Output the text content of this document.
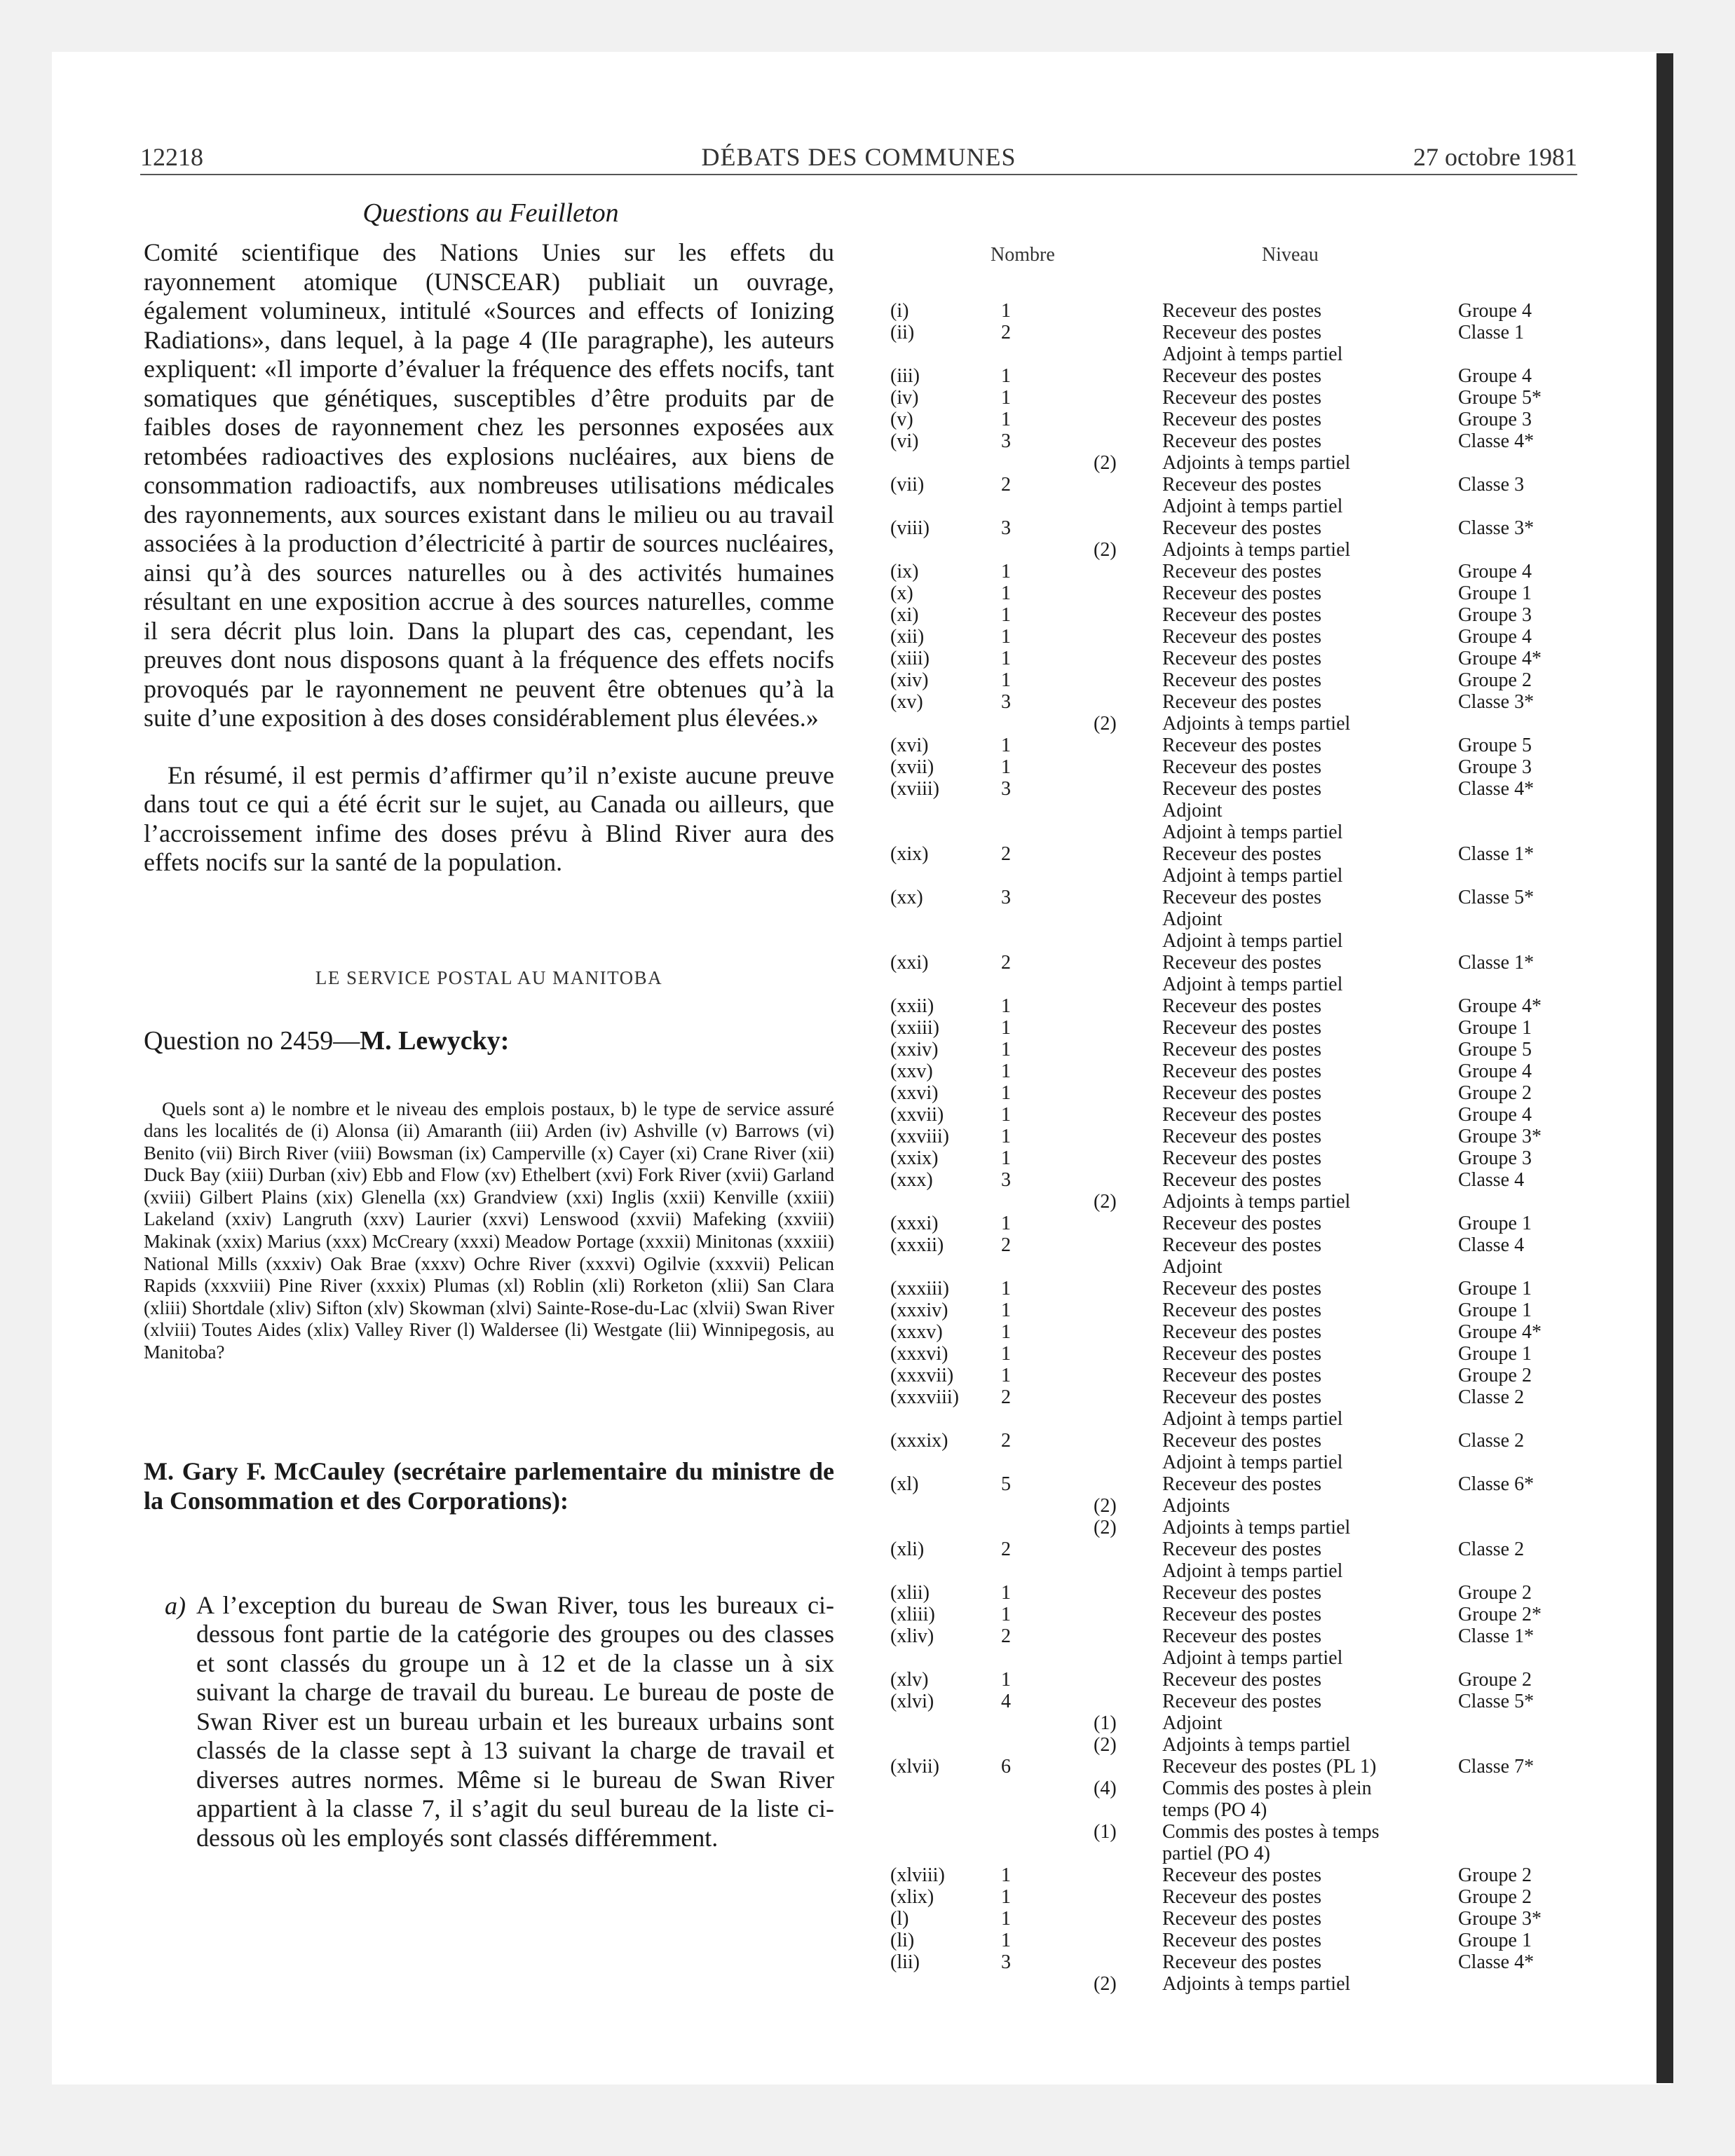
12218	DÉBATS DES COMMUNES	27 octobre 1981
Questions au Feuilleton

Comité scientifique des Nations Unies sur les effets du rayonnement atomique (UNSCEAR) publiait un ouvrage, également volumineux, intitulé «Sources and effects of Ionizing Radiations», dans lequel, à la page 4 (IIe paragraphe), les auteurs expliquent: «Il importe d’évaluer la fréquence des effets nocifs, tant somatiques que génétiques, susceptibles d’être produits par de faibles doses de rayonnement chez les personnes exposées aux retombées radioactives des explosions nucléaires, aux biens de consommation radioactifs, aux nombreuses utilisations médicales des rayonnements, aux sources existant dans le milieu ou au travail associées à la production d’électricité à partir de sources nucléaires, ainsi qu’à des sources naturelles ou à des activités humaines résultant en une exposition accrue à des sources naturelles, comme il sera décrit plus loin. Dans la plupart des cas, cependant, les preuves dont nous disposons quant à la fréquence des effets nocifs provoqués par le rayonnement ne peuvent être obtenues qu’à la suite d’une exposition à des doses considérablement plus élevées.»

En résumé, il est permis d’affirmer qu’il n’existe aucune preuve dans tout ce qui a été écrit sur le sujet, au Canada ou ailleurs, que l’accroissement infime des doses prévu à Blind River aura des effets nocifs sur la santé de la population.

LE SERVICE POSTAL AU MANITOBA
Question no 2459—M. Lewycky:
Quels sont a) le nombre et le niveau des emplois postaux, b) le type de service assuré dans les localités de (i) Alonsa (ii) Amaranth (iii) Arden (iv) Ashville (v) Barrows (vi) Benito (vii) Birch River (viii) Bowsman (ix) Camperville (x) Cayer (xi) Crane River (xii) Duck Bay (xiii) Durban (xiv) Ebb and Flow (xv) Ethelbert (xvi) Fork River (xvii) Garland (xviii) Gilbert Plains (xix) Glenella (xx) Grandview (xxi) Inglis (xxii) Kenville (xxiii) Lakeland (xxiv) Langruth (xxv) Laurier (xxvi) Lenswood (xxvii) Mafeking (xxviii) Makinak (xxix) Marius (xxx) McCreary (xxxi) Meadow Portage (xxxii) Minitonas (xxxiii) National Mills (xxxiv) Oak Brae (xxxv) Ochre River (xxxvi) Ogilvie (xxxvii) Pelican Rapids (xxxviii) Pine River (xxxix) Plumas (xl) Roblin (xli) Rorketon (xlii) San Clara (xliii) Shortdale (xliv) Sifton (xlv) Skowman (xlvi) Sainte-Rose-du-Lac (xlvii) Swan River (xlviii) Toutes Aides (xlix) Valley River (l) Waldersee (li) Westgate (lii) Winnipegosis, au Manitoba?
M. Gary F. McCauley (secrétaire parlementaire du ministre de la Consommation et des Corporations):
a) A l’exception du bureau de Swan River, tous les bureaux ci-dessous font partie de la catégorie des groupes ou des classes et sont classés du groupe un à 12 et de la classe un à six suivant la charge de travail du bureau. Le bureau de poste de Swan River est un bureau urbain et les bureaux urbains sont classés de la classe sept à 13 suivant la charge de travail et diverses autres normes. Même si le bureau de Swan River appartient à la classe 7, il s’agit du seul bureau de la liste ci-dessous où les employés sont classés différemment.
Nombre	Niveau
(i)	1	Receveur des postes	Groupe 4
(ii)	2	Receveur des postes	Classe 1
Adjoint à temps partiel
(iii)	1	Receveur des postes	Groupe 4
(iv)	1	Receveur des postes	Groupe 5*
(v)	1	Receveur des postes	Groupe 3
(vi)	3	Receveur des postes	Classe 4*
(2) Adjoints à temps partiel
(vii)	2	Receveur des postes	Classe 3
Adjoint à temps partiel
(viii)	3	Receveur des postes	Classe 3*
(2) Adjoints à temps partiel
(ix)	1	Receveur des postes	Groupe 4
(x)	1	Receveur des postes	Groupe 1
(xi)	1	Receveur des postes	Groupe 3
(xii)	1	Receveur des postes	Groupe 4
(xiii)	1	Receveur des postes	Groupe 4*
(xiv)	1	Receveur des postes	Groupe 2
(xv)	3	Receveur des postes	Classe 3*
(2) Adjoints à temps partiel
(xvi)	1	Receveur des postes	Groupe 5
(xvii)	1	Receveur des postes	Groupe 3
(xviii)	3	Receveur des postes	Classe 4*
Adjoint
Adjoint à temps partiel
(xix)	2	Receveur des postes	Classe 1*
Adjoint à temps partiel
(xx)	3	Receveur des postes	Classe 5*
Adjoint
Adjoint à temps partiel
(xxi)	2	Receveur des postes	Classe 1*
Adjoint à temps partiel
(xxii)	1	Receveur des postes	Groupe 4*
(xxiii)	1	Receveur des postes	Groupe 1
(xxiv)	1	Receveur des postes	Groupe 5
(xxv)	1	Receveur des postes	Groupe 4
(xxvi)	1	Receveur des postes	Groupe 2
(xxvii)	1	Receveur des postes	Groupe 4
(xxviii)	1	Receveur des postes	Groupe 3*
(xxix)	1	Receveur des postes	Groupe 3
(xxx)	3	Receveur des postes	Classe 4
(2) Adjoints à temps partiel
(xxxi)	1	Receveur des postes	Groupe 1
(xxxii)	2	Receveur des postes	Classe 4
Adjoint
(xxxiii)	1	Receveur des postes	Groupe 1
(xxxiv)	1	Receveur des postes	Groupe 1
(xxxv)	1	Receveur des postes	Groupe 4*
(xxxvi)	1	Receveur des postes	Groupe 1
(xxxvii) 1	Receveur des postes	Groupe 2
(xxxviii) 2	Receveur des postes	Classe 2
Adjoint à temps partiel
(xxxix)	2	Receveur des postes	Classe 2
Adjoint à temps partiel
(xl)	5	Receveur des postes	Classe 6*
(2) Adjoints
(2) Adjoints à temps partiel
(xli)	2	Receveur des postes	Classe 2
Adjoint à temps partiel
(xlii)	1	Receveur des postes	Groupe 2
(xliii)	1	Receveur des postes	Groupe 2*
(xliv)	2	Receveur des postes	Classe 1*
Adjoint à temps partiel
(xlv)	1	Receveur des postes	Groupe 2
(xlvi)	4	Receveur des postes	Classe 5*
(1) Adjoint
(2) Adjoints à temps partiel
(xlvii)	6	Receveur des postes (PL 1)	Classe 7*
(4) Commis des postes à plein
temps (PO 4)
(1) Commis des postes à temps
partiel (PO 4)
(xlviii)	1	Receveur des postes	Groupe 2
(xlix)	1	Receveur des postes	Groupe 2
(l)	1	Receveur des postes	Groupe 3*
(li)	1	Receveur des postes	Groupe 1
(lii)	3	Receveur des postes	Classe 4*
(2) Adjoints à temps partiel
